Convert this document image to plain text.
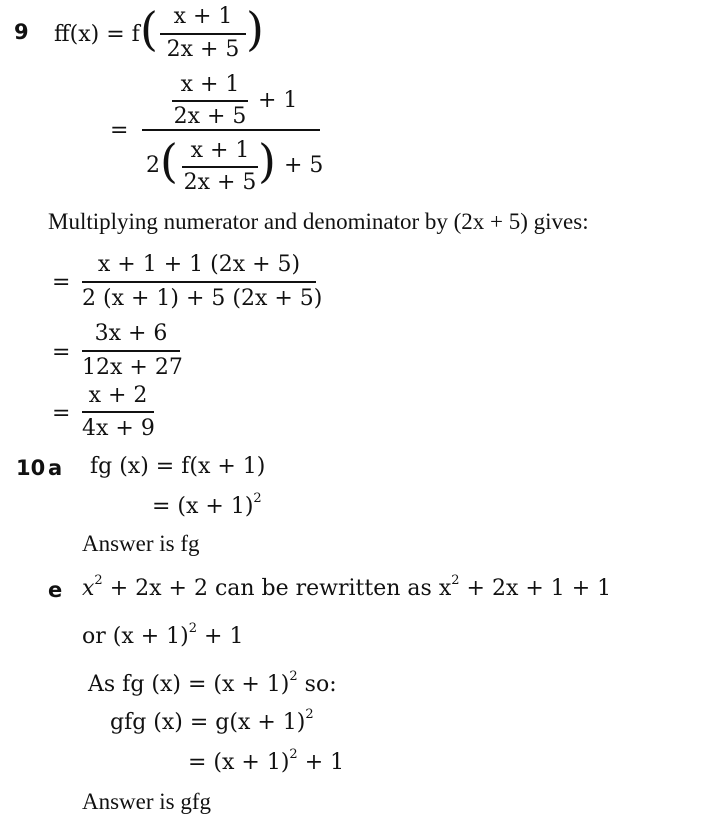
9 ff(x) = f ( x + 1
2x + 5 )
=
x + 1
2x + 5
+ 1
2 ( x + 1
2x + 5 ) + 5
Multiplying numerator and denominator by (2x + 5) gives:
=
x + 1 + 1 (2x + 5)
2 (x + 1) + 5 (2x + 5)
=
3x + 6
12x + 27
=
x + 2
4x + 9
10 a fg (x) = f(x + 1)
= $(x + 1)^2$
Answer is fg
e $x^2 + 2x + 2$ can be rewritten as $x^2 + 2x + 1 + 1$
or $(x + 1)^2 + 1$
As fg $(x) = (x + 1)^2$ so:
gfg $(x) = g(x + 1)^2$
= $(x + 1)^2 + 1$
Answer is gfg
